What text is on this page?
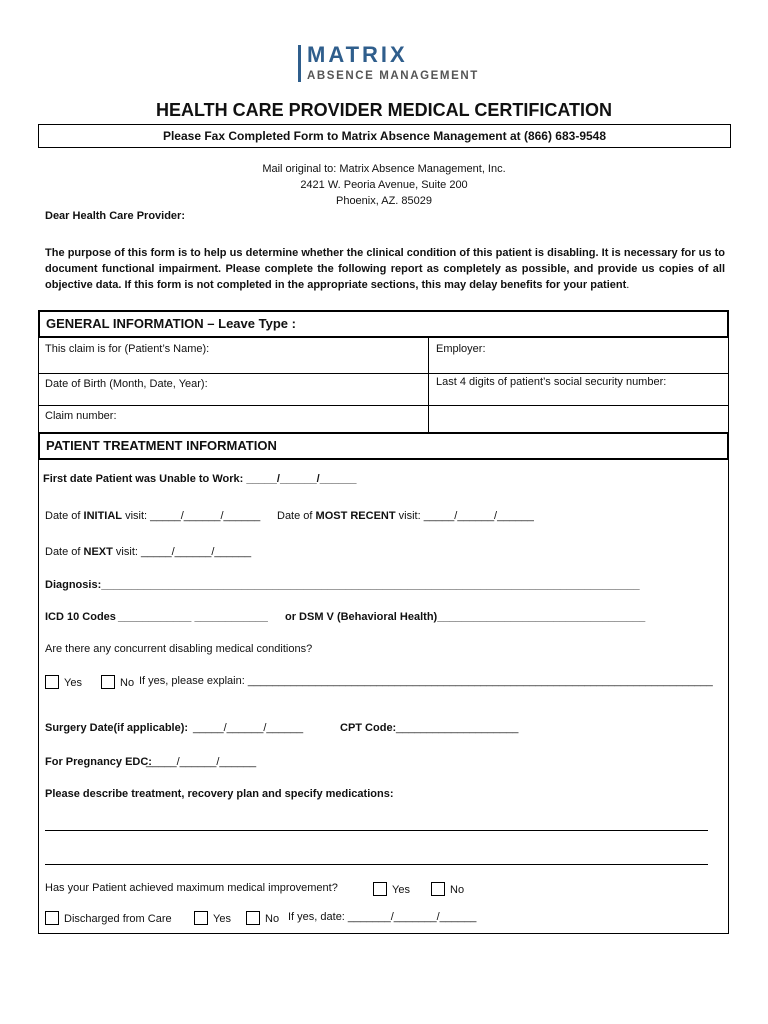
MATRIX
ABSENCE MANAGEMENT
HEALTH CARE PROVIDER MEDICAL CERTIFICATION
Please Fax Completed Form to Matrix Absence Management at (866) 683-9548
Mail original to: Matrix Absence Management, Inc.
2421 W. Peoria Avenue, Suite 200
Phoenix, AZ. 85029
Dear Health Care Provider:
The purpose of this form is to help us determine whether the clinical condition of this patient is disabling. It is necessary for us to document functional impairment. Please complete the following report as completely as possible, and provide us copies of all objective data. If this form is not completed in the appropriate sections, this may delay benefits for your patient.
GENERAL INFORMATION – Leave Type :
This claim is for (Patient’s Name):	Employer:
Date of Birth (Month, Date, Year):	Last 4 digits of patient’s social security number:
Claim number:
PATIENT TREATMENT INFORMATION
First date Patient was Unable to Work: _____/______/______
Date of INITIAL visit: _____/______/______ Date of MOST RECENT visit: _____/______/______
Date of NEXT visit: _____/______/______
Diagnosis:________________________________________________________________________________________
ICD 10 Codes ____________ ____________ or DSM V (Behavioral Health)__________________________________
Are there any concurrent disabling medical conditions?
Yes	No If yes, please explain: ____________________________________________________________________________
Surgery Date(if applicable): _____/______/______	CPT Code: ____________________
For Pregnancy EDC:
_____/______/______
Please describe treatment, recovery plan and specify medications:
Has your Patient achieved maximum medical improvement?	Yes	No
Discharged from Care	Yes	No If yes, date: _______/_______/______
